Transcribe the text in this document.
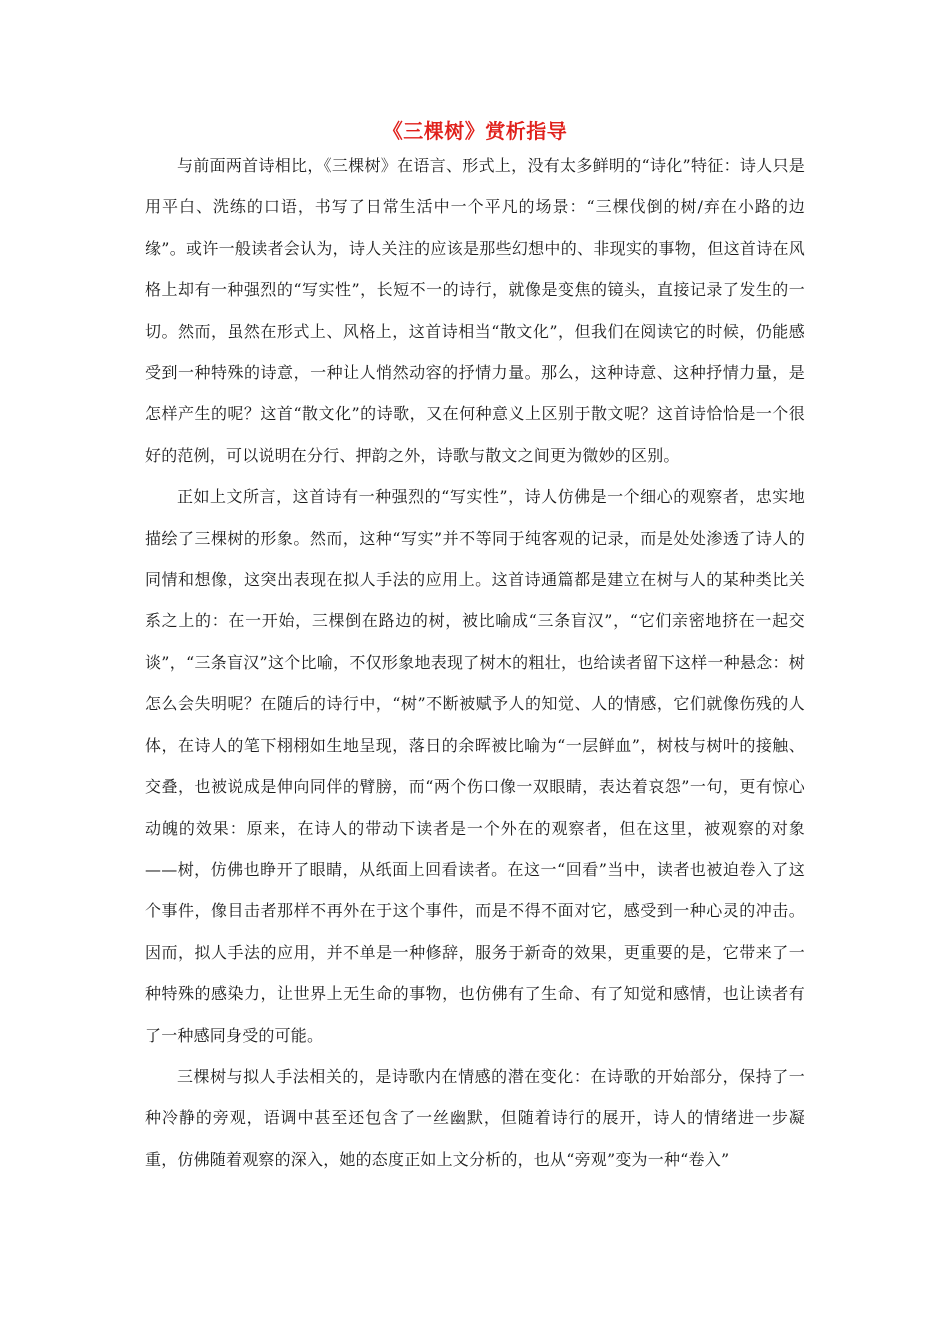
《三棵树》赏析指导

与前面两首诗相比，《三棵树》在语言、形式上，没有太多鲜明的“诗化”特征：诗人只是用平白、洗练的口语，书写了日常生活中一个平凡的场景：“三棵伐倒的树/弃在小路的边缘”。或许一般读者会认为，诗人关注的应该是那些幻想中的、非现实的事物，但这首诗在风格上却有一种强烈的“写实性”，长短不一的诗行，就像是变焦的镜头，直接记录了发生的一切。然而，虽然在形式上、风格上，这首诗相当“散文化”，但我们在阅读它的时候，仍能感受到一种特殊的诗意，一种让人悄然动容的抒情力量。那么，这种诗意、这种抒情力量，是怎样产生的呢？这首“散文化”的诗歌，又在何种意义上区别于散文呢？这首诗恰恰是一个很好的范例，可以说明在分行、押韵之外，诗歌与散文之间更为微妙的区别。

正如上文所言，这首诗有一种强烈的“写实性”，诗人仿佛是一个细心的观察者，忠实地描绘了三棵树的形象。然而，这种“写实”并不等同于纯客观的记录，而是处处渗透了诗人的同情和想像，这突出表现在拟人手法的应用上。这首诗通篇都是建立在树与人的某种类比关系之上的：在一开始，三棵倒在路边的树，被比喻成“三条盲汉”，“它们亲密地挤在一起交谈”，“三条盲汉”这个比喻，不仅形象地表现了树木的粗壮，也给读者留下这样一种悬念：树怎么会失明呢？在随后的诗行中，“树”不断被赋予人的知觉、人的情感，它们就像伤残的人体，在诗人的笔下栩栩如生地呈现，落日的余晖被比喻为“一层鲜血”，树枝与树叶的接触、交叠，也被说成是伸向同伴的臂膀，而“两个伤口像一双眼睛，表达着哀怨”一句，更有惊心动魄的效果：原来，在诗人的带动下读者是一个外在的观察者，但在这里，被观察的对象——树，仿佛也睁开了眼睛，从纸面上回看读者。在这一“回看”当中，读者也被迫卷入了这个事件，像目击者那样不再外在于这个事件，而是不得不面对它，感受到一种心灵的冲击。因而，拟人手法的应用，并不单是一种修辞，服务于新奇的效果，更重要的是，它带来了一种特殊的感染力，让世界上无生命的事物，也仿佛有了生命、有了知觉和感情，也让读者有了一种感同身受的可能。

三棵树与拟人手法相关的，是诗歌内在情感的潜在变化：在诗歌的开始部分，保持了一种冷静的旁观，语调中甚至还包含了一丝幽默，但随着诗行的展开，诗人的情绪进一步凝重，仿佛随着观察的深入，她的态度正如上文分析的，也从“旁观”变为一种“卷入”
